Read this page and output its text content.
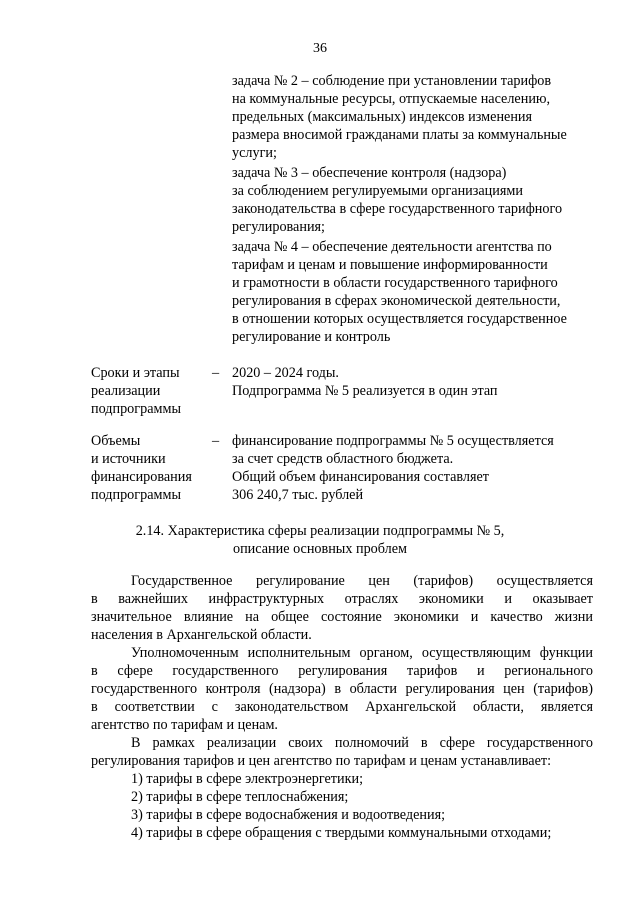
36
задача № 2 – соблюдение при установлении тарифов
на коммунальные ресурсы, отпускаемые населению,
предельных (максимальных) индексов изменения
размера вносимой гражданами платы за коммунальные
услуги;
задача № 3 – обеспечение контроля (надзора)
за соблюдением регулируемыми организациями
законодательства в сфере государственного тарифного
регулирования;
задача № 4 – обеспечение деятельности агентства по
тарифам и ценам и повышение информированности
и грамотности в области государственного тарифного
регулирования в сферах экономической деятельности,
в отношении которых осуществляется государственное
регулирование и контроль
Сроки и этапы
реализации
подпрограммы
– 2020 – 2024 годы.
Подпрограмма № 5 реализуется в один этап
Объемы
и источники
финансирования
подпрограммы
– финансирование подпрограммы № 5 осуществляется
за счет средств областного бюджета.
Общий объем финансирования составляет
306 240,7 тыс. рублей
2.14. Характеристика сферы реализации подпрограммы № 5,
описание основных проблем
Государственное регулирование цен (тарифов) осуществляется
в важнейших инфраструктурных отраслях экономики и оказывает
значительное влияние на общее состояние экономики и качество жизни
населения в Архангельской области.
Уполномоченным исполнительным органом, осуществляющим функции
в сфере государственного регулирования тарифов и регионального
государственного контроля (надзора) в области регулирования цен (тарифов)
в соответствии с законодательством Архангельской области, является
агентство по тарифам и ценам.
В рамках реализации своих полномочий в сфере государственного
регулирования тарифов и цен агентство по тарифам и ценам устанавливает:
1) тарифы в сфере электроэнергетики;
2) тарифы в сфере теплоснабжения;
3) тарифы в сфере водоснабжения и водоотведения;
4) тарифы в сфере обращения с твердыми коммунальными отходами;
